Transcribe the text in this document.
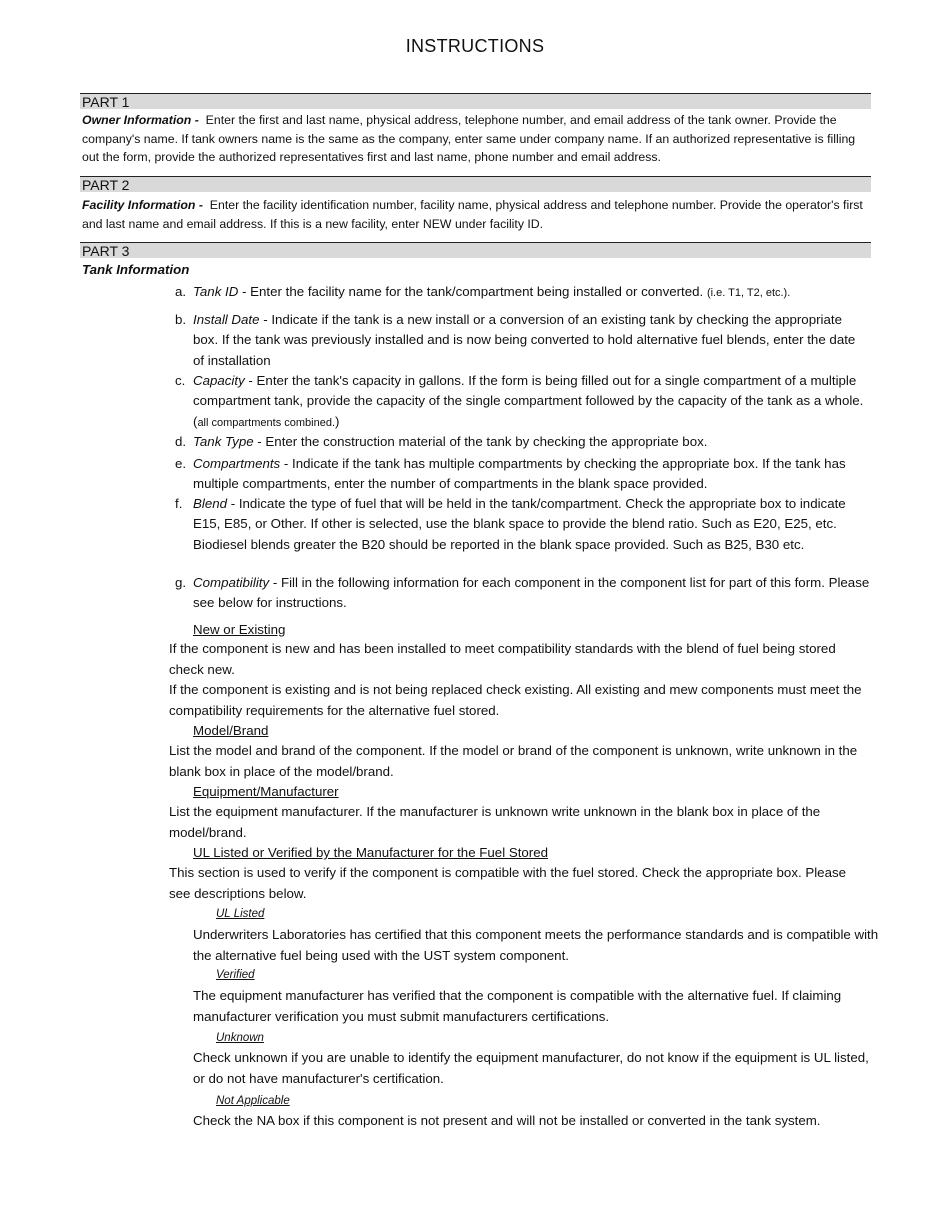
INSTRUCTIONS
PART 1
Owner Information - Enter the first and last name, physical address, telephone number, and email address of the tank owner. Provide the company's name. If tank owners name is the same as the company, enter same under company name. If an authorized representative is filling out the form, provide the authorized representatives first and last name, phone number and email address.
PART 2
Facility Information - Enter the facility identification number, facility name, physical address and telephone number. Provide the operator's first and last name and email address. If this is a new facility, enter NEW under facility ID.
PART 3
Tank Information
a. Tank ID - Enter the facility name for the tank/compartment being installed or converted. (i.e. T1, T2, etc.).
b. Install Date - Indicate if the tank is a new install or a conversion of an existing tank by checking the appropriate box. If the tank was previously installed and is now being converted to hold alternative fuel blends, enter the date of installation
c. Capacity - Enter the tank's capacity in gallons. If the form is being filled out for a single compartment of a multiple compartment tank, provide the capacity of the single compartment followed by the capacity of the tank as a whole. (all compartments combined.)
d. Tank Type - Enter the construction material of the tank by checking the appropriate box.
e. Compartments - Indicate if the tank has multiple compartments by checking the appropriate box. If the tank has multiple compartments, enter the number of compartments in the blank space provided.
f. Blend - Indicate the type of fuel that will be held in the tank/compartment. Check the appropriate box to indicate E15, E85, or Other. If other is selected, use the blank space to provide the blend ratio. Such as E20, E25, etc. Biodiesel blends greater the B20 should be reported in the blank space provided. Such as B25, B30 etc.
g. Compatibility - Fill in the following information for each component in the component list for part of this form. Please see below for instructions.
New or Existing
If the component is new and has been installed to meet compatibility standards with the blend of fuel being stored check new.
If the component is existing and is not being replaced check existing. All existing and mew components must meet the compatibility requirements for the alternative fuel stored.
Model/Brand
List the model and brand of the component. If the model or brand of the component is unknown, write unknown in the blank box in place of the model/brand.
Equipment/Manufacturer
List the equipment manufacturer. If the manufacturer is unknown write unknown in the blank box in place of the model/brand.
UL Listed or Verified by the Manufacturer for the Fuel Stored
This section is used to verify if the component is compatible with the fuel stored. Check the appropriate box. Please see descriptions below.
UL Listed
Underwriters Laboratories has certified that this component meets the performance standards and is compatible with the alternative fuel being used with the UST system component.
Verified
The equipment manufacturer has verified that the component is compatible with the alternative fuel. If claiming manufacturer verification you must submit manufacturers certifications.
Unknown
Check unknown if you are unable to identify the equipment manufacturer, do not know if the equipment is UL listed, or do not have manufacturer's certification.
Not Applicable
Check the NA box if this component is not present and will not be installed or converted in the tank system.
